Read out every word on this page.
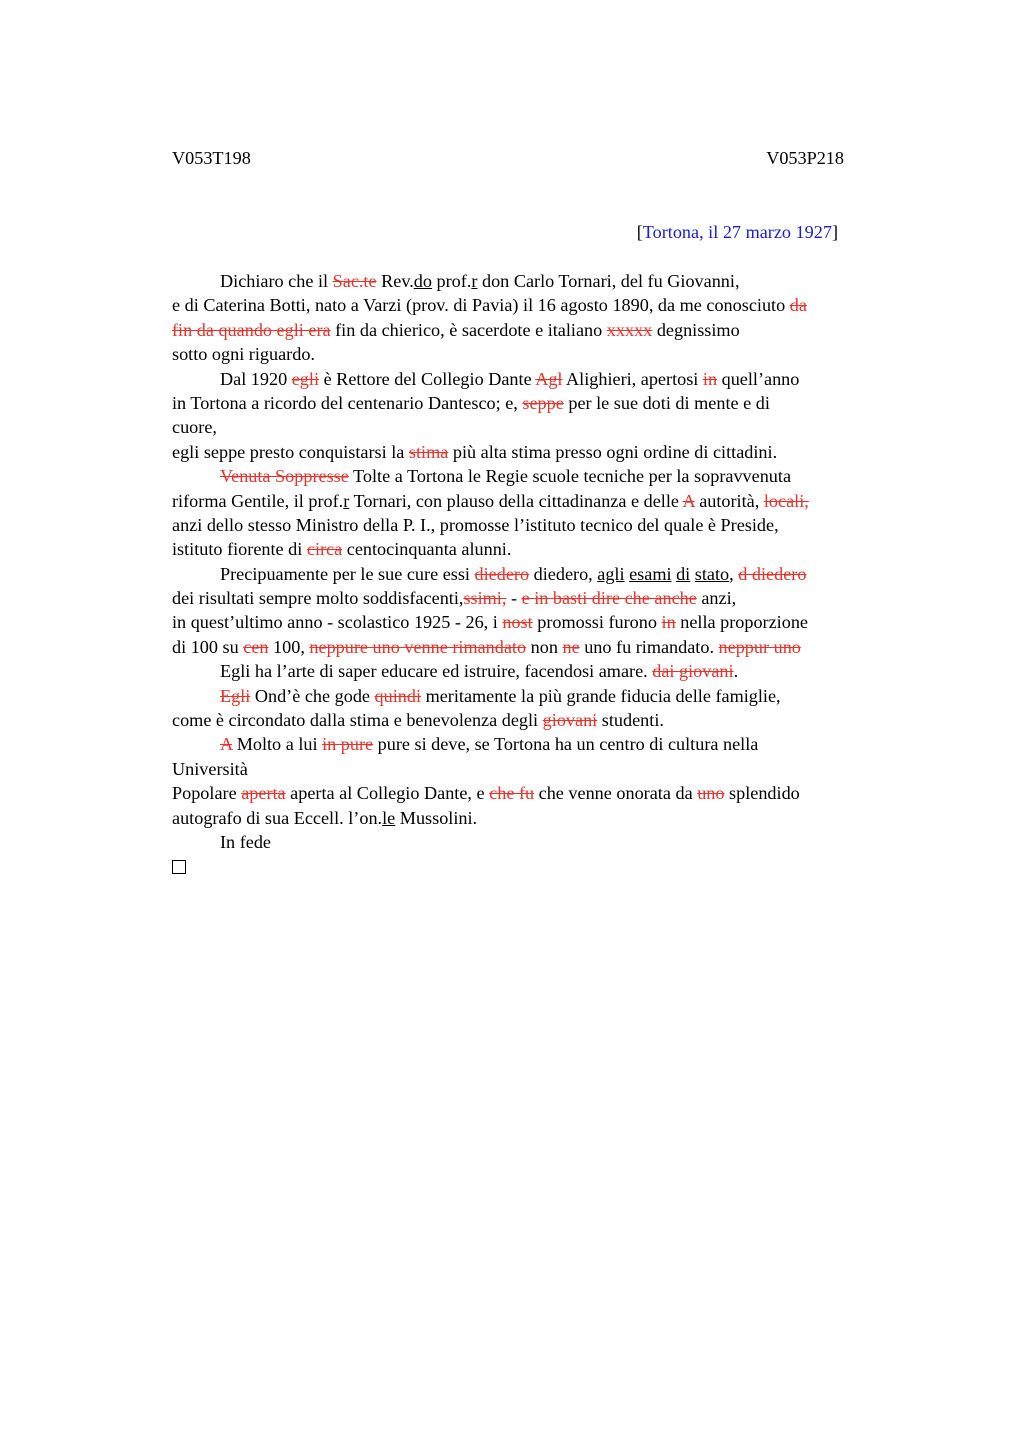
V053T198	V053P218
[Tortona, il 27 marzo 1927]
Dichiaro che il Sac.te Rev.do prof.r don Carlo Tornari, del fu Giovanni,
e di Caterina Botti, nato a Varzi (prov. di Pavia) il 16 agosto 1890, da me conosciuto da
fin da quando egli era fin da chierico, è sacerdote e italiano xxxxx degnissimo
sotto ogni riguardo.
Dal 1920 egli è Rettore del Collegio Dante Agl Alighieri, apertosi in quell’anno
in Tortona a ricordo del centenario Dantesco; e, seppe per le sue doti di mente e di
cuore,
egli seppe presto conquistarsi la stima più alta stima presso ogni ordine di cittadini.
Venuta Soppresse Tolte a Tortona le Regie scuole tecniche per la sopravvenuta
riforma Gentile, il prof.r Tornari, con plauso della cittadinanza e delle A autorità, locali,
anzi dello stesso Ministro della P. I., promosse l’istituto tecnico del quale è Preside,
istituto fiorente di circa centocinquanta alunni.
Precipuamente per le sue cure essi diedero diedero, agli esami di stato, d diedero
dei risultati sempre molto soddisfacenti,ssimi, - e in basti dire che anche anzi,
in quest’ultimo anno - scolastico 1925 - 26, i nost promossi furono in nella proporzione
di 100 su cen 100, neppure uno venne rimandato non ne uno fu rimandato. neppur uno
Egli ha l’arte di saper educare ed istruire, facendosi amare. dai giovani.
Egli Ond’è che gode quindi meritamente la più grande fiducia delle famiglie,
come è circondato dalla stima e benevolenza degli giovani studenti.
A Molto a lui in pure pure si deve, se Tortona ha un centro di cultura nella
Università
Popolare aperta aperta al Collegio Dante, e che fu che venne onorata da uno splendido
autografo di sua Eccell. l’on.le Mussolini.
In fede
